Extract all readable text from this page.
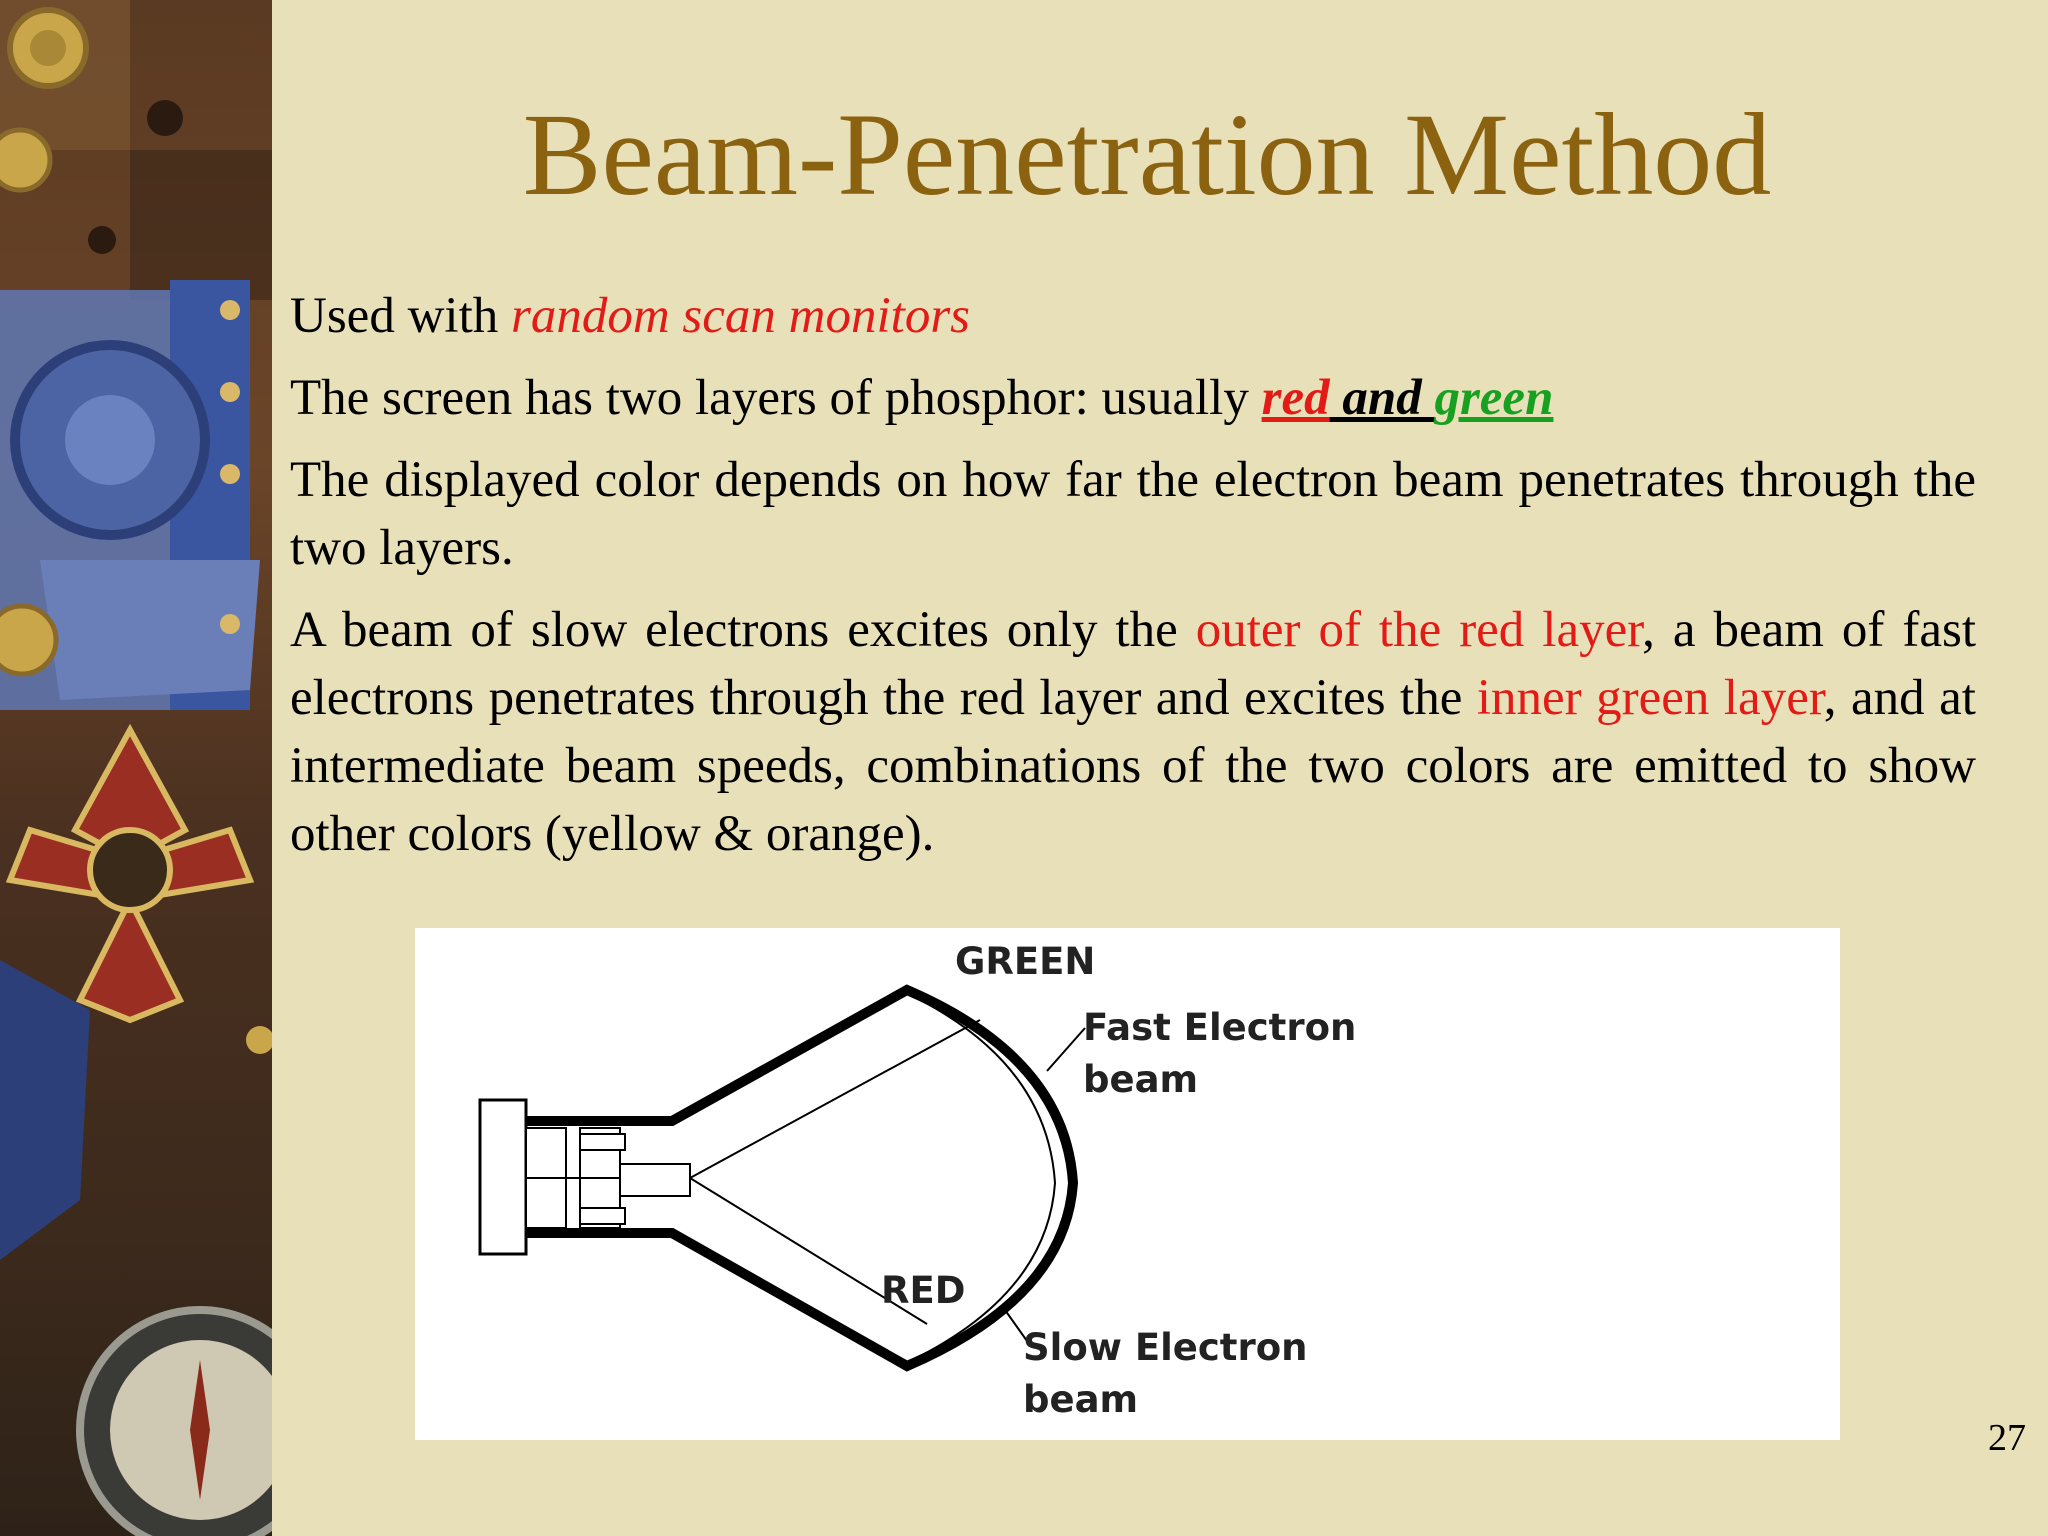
Beam-Penetration Method

Used with random scan monitors

The screen has two layers of phosphor: usually red and green

The displayed color depends on how far the electron beam penetrates through the two layers.

A beam of slow electrons excites only the outer of the red layer, a beam of fast electrons penetrates through the red layer and excites the inner green layer, and at intermediate beam speeds, combinations of the two colors are emitted to show other colors (yellow & orange).

GREEN
Fast Electron
beam
RED
Slow Electron
beam
27
